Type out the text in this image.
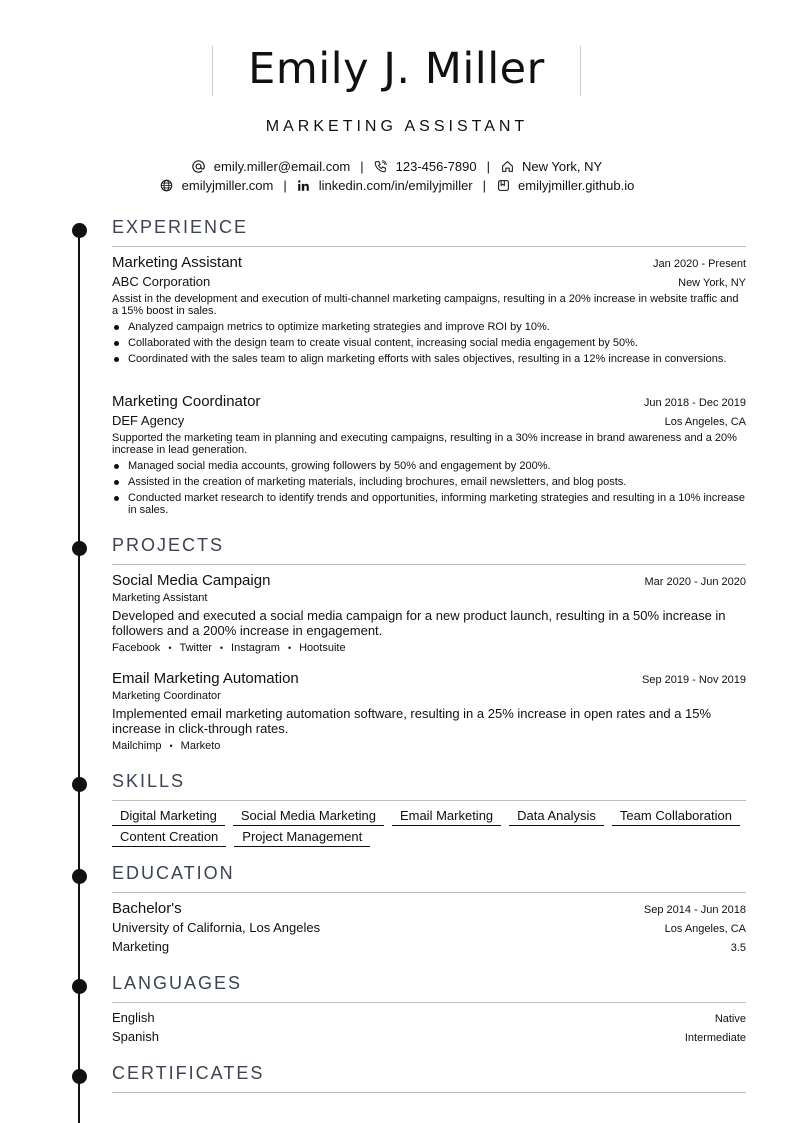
Emily J. Miller
MARKETING ASSISTANT
emily.miller@email.com | 123-456-7890 | New York, NY
emilyjmiller.com | linkedin.com/in/emilyjmiller | emilyjmiller.github.io
EXPERIENCE
Marketing Assistant	Jan 2020 - Present
ABC Corporation	New York, NY
Assist in the development and execution of multi-channel marketing campaigns, resulting in a 20% increase in website traffic and a 15% boost in sales.
Analyzed campaign metrics to optimize marketing strategies and improve ROI by 10%.
Collaborated with the design team to create visual content, increasing social media engagement by 50%.
Coordinated with the sales team to align marketing efforts with sales objectives, resulting in a 12% increase in conversions.
Marketing Coordinator	Jun 2018 - Dec 2019
DEF Agency	Los Angeles, CA
Supported the marketing team in planning and executing campaigns, resulting in a 30% increase in brand awareness and a 20% increase in lead generation.
Managed social media accounts, growing followers by 50% and engagement by 200%.
Assisted in the creation of marketing materials, including brochures, email newsletters, and blog posts.
Conducted market research to identify trends and opportunities, informing marketing strategies and resulting in a 10% increase in sales.
PROJECTS
Social Media Campaign	Mar 2020 - Jun 2020
Marketing Assistant
Developed and executed a social media campaign for a new product launch, resulting in a 50% increase in followers and a 200% increase in engagement.
Facebook • Twitter • Instagram • Hootsuite
Email Marketing Automation	Sep 2019 - Nov 2019
Marketing Coordinator
Implemented email marketing automation software, resulting in a 25% increase in open rates and a 15% increase in click-through rates.
Mailchimp • Marketo
SKILLS
Digital Marketing	Social Media Marketing	Email Marketing	Data Analysis	Team Collaboration
Content Creation	Project Management
EDUCATION
Bachelor's	Sep 2014 - Jun 2018
University of California, Los Angeles	Los Angeles, CA
Marketing	3.5
LANGUAGES
English	Native
Spanish	Intermediate
CERTIFICATES
